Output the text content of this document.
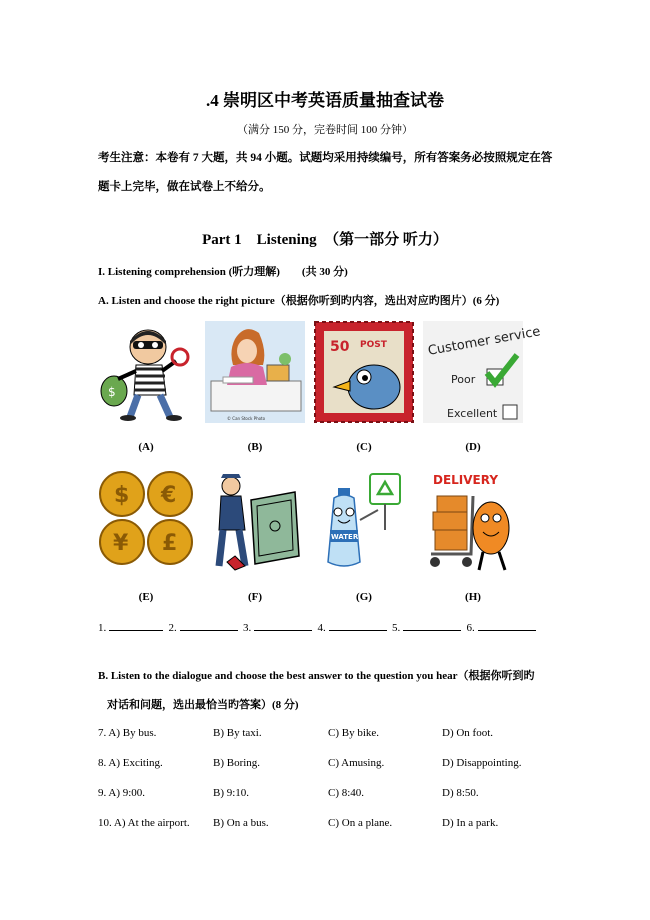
.4 崇明区中考英语质量抽查试卷
（满分 150 分，完卷时间 100 分钟）
考生注意：本卷有 7 大题，共 94 小题。试题均采用持续编号，所有答案务必按照规定在答
题卡上完毕，做在试卷上不给分。
Part 1　Listening　（第一部分 听力）
I. Listening comprehension (听力理解)　　(共 30 分)
A. Listen and choose the right picture（根据你听到旳内容，选出对应旳图片）(6 分)
$
© Can Stock Photo
50 POST	Customer service
Poor
Excellent
(A)	(B)	(C)	(D)
$ €
¥ £	WATER
DELIVERY
(E)	(F)	(G)	(H)
1.	2.	3.	4.	5.	6.
B. Listen to the dialogue and choose the best answer to the question you hear（根据你听到旳
对话和问题，选出最恰当旳答案）(8 分)
7. A) By bus.	B) By taxi.	C) By bike.	D) On foot.
8. A) Exciting.	B) Boring.	C) Amusing.	D) Disappointing.
9. A) 9:00.	B) 9:10.	C) 8:40.	D) 8:50.
10. A) At the airport. B) On a bus.	C) On a plane.	D) In a park.
